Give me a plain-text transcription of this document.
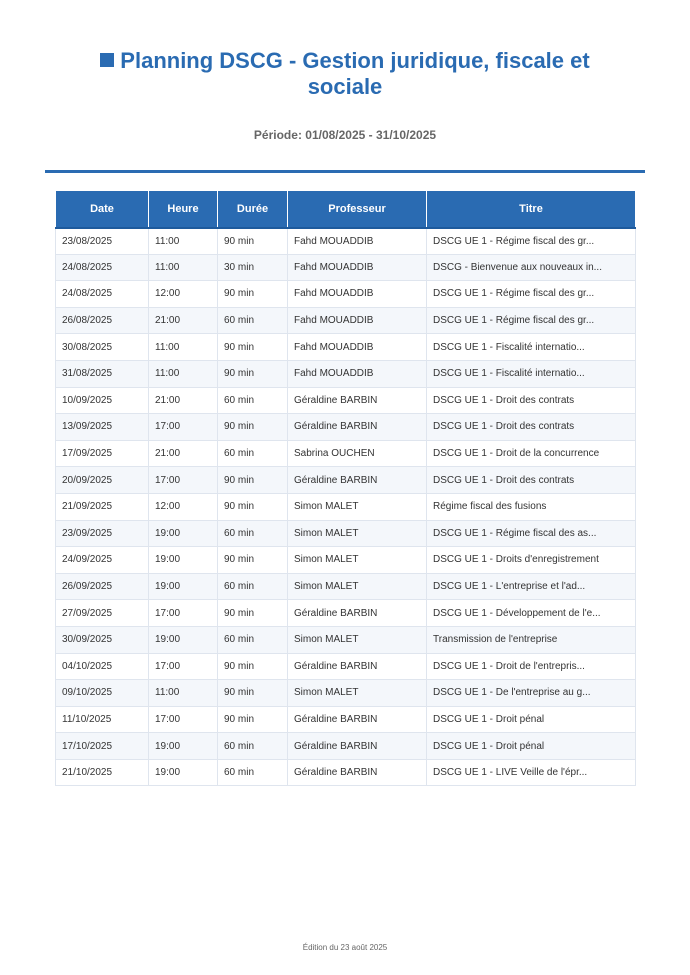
Planning DSCG - Gestion juridique, fiscale et sociale
Période: 01/08/2025 - 31/10/2025
Date	Heure	Durée	Professeur	Titre
23/08/2025	11:00	90 min	Fahd MOUADDIB	DSCG UE 1 - Régime fiscal des gr...
24/08/2025	11:00	30 min	Fahd MOUADDIB	DSCG - Bienvenue aux nouveaux in...
24/08/2025	12:00	90 min	Fahd MOUADDIB	DSCG UE 1 - Régime fiscal des gr...
26/08/2025	21:00	60 min	Fahd MOUADDIB	DSCG UE 1 - Régime fiscal des gr...
30/08/2025	11:00	90 min	Fahd MOUADDIB	DSCG UE 1 - Fiscalité internatio...
31/08/2025	11:00	90 min	Fahd MOUADDIB	DSCG UE 1 - Fiscalité internatio...
10/09/2025	21:00	60 min	Géraldine BARBIN	DSCG UE 1 - Droit des contrats
13/09/2025	17:00	90 min	Géraldine BARBIN	DSCG UE 1 - Droit des contrats
17/09/2025	21:00	60 min	Sabrina OUCHEN	DSCG UE 1 - Droit de la concurrence
20/09/2025	17:00	90 min	Géraldine BARBIN	DSCG UE 1 - Droit des contrats
21/09/2025	12:00	90 min	Simon MALET	Régime fiscal des fusions
23/09/2025	19:00	60 min	Simon MALET	DSCG UE 1 - Régime fiscal des as...
24/09/2025	19:00	90 min	Simon MALET	DSCG UE 1 - Droits d'enregistrement
26/09/2025	19:00	60 min	Simon MALET	DSCG UE 1 - L'entreprise et l'ad...
27/09/2025	17:00	90 min	Géraldine BARBIN	DSCG UE 1 - Développement de l'e...
30/09/2025	19:00	60 min	Simon MALET	Transmission de l'entreprise
04/10/2025	17:00	90 min	Géraldine BARBIN	DSCG UE 1 - Droit de l'entrepris...
09/10/2025	11:00	90 min	Simon MALET	DSCG UE 1 - De l'entreprise au g...
11/10/2025	17:00	90 min	Géraldine BARBIN	DSCG UE 1 - Droit pénal
17/10/2025	19:00	60 min	Géraldine BARBIN	DSCG UE 1 - Droit pénal
21/10/2025	19:00	60 min	Géraldine BARBIN	DSCG UE 1 - LIVE Veille de l'épr...
Édition du 23 août 2025
